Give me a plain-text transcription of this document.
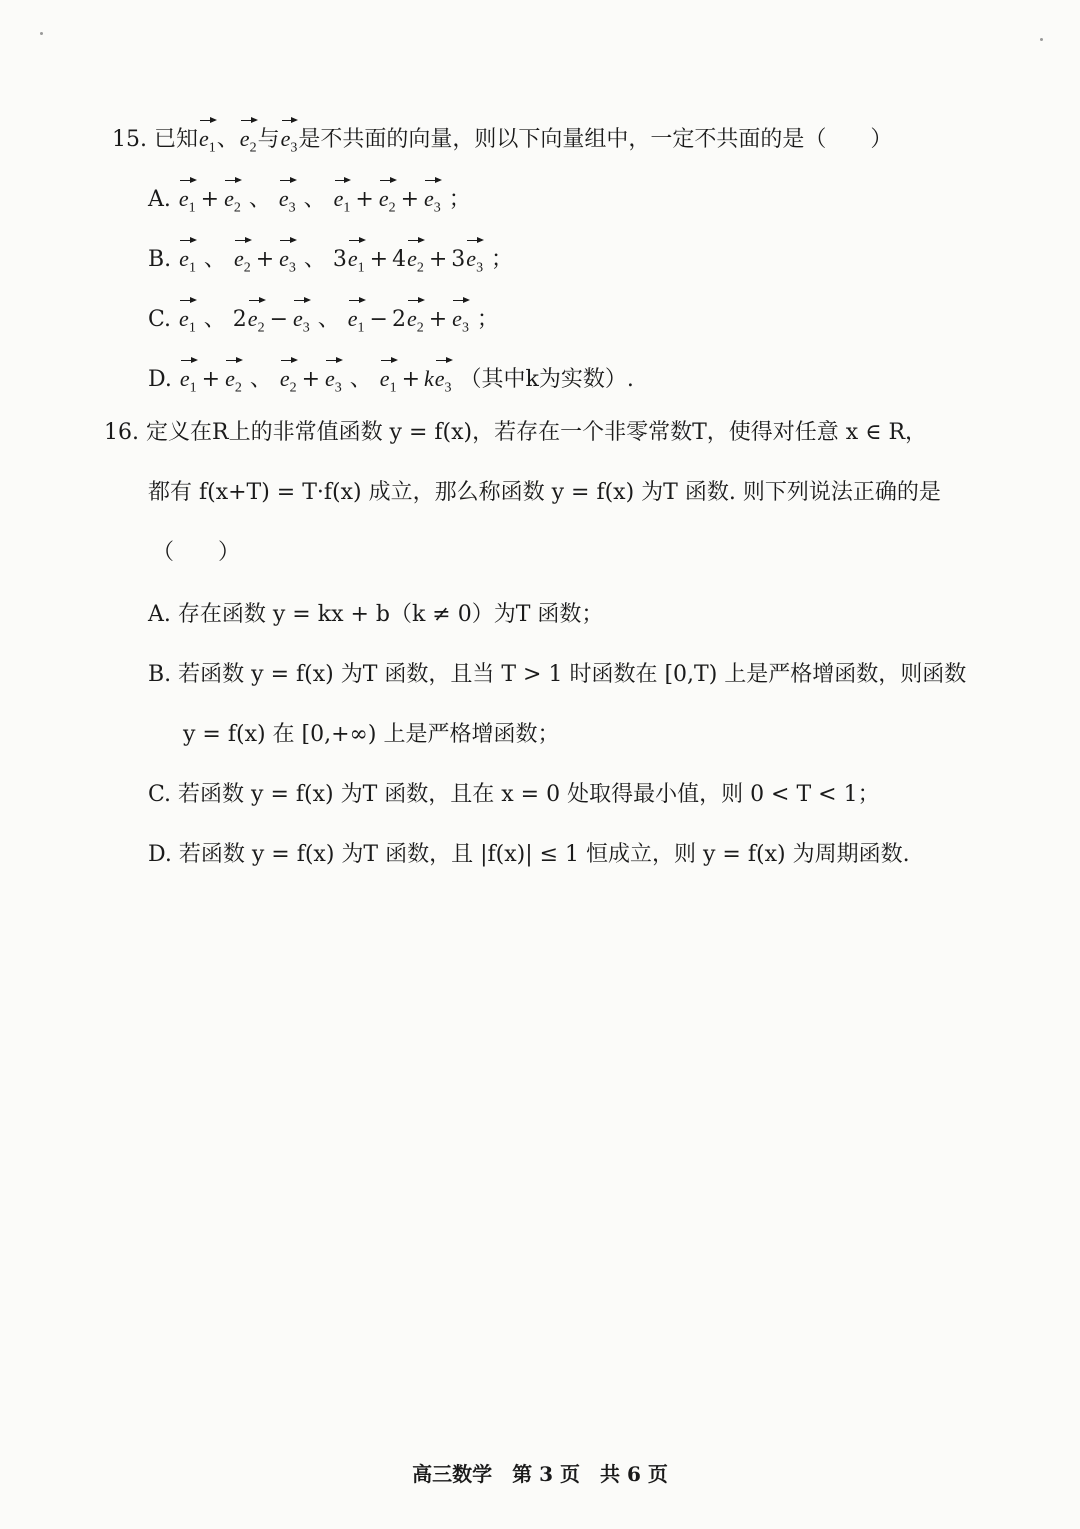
15. 已知$e_1$、$e_2$与$e_3$是不共面的向量，则以下向量组中，一定不共面的是（　　）
A. $e_1 + e_2$ 、 $e_3$ 、 $e_1 + e_2 + e_3$ ；
B. $e_1$ 、 $e_2 + e_3$ 、 $3e_1 + 4e_2 + 3e_3$ ；
C. $e_1$ 、 $2e_2 - e_3$ 、 $e_1 - 2e_2 + e_3$ ；
D. $e_1 + e_2$ 、 $e_2 + e_3$ 、 $e_1 + ke_3$ （其中k为实数）.
16. 定义在R上的非常值函数 y = f(x)，若存在一个非零常数T，使得对任意 x ∈ R，
都有 f(x+T) = T·f(x) 成立，那么称函数 y = f(x) 为T 函数. 则下列说法正确的是
（　　）
A. 存在函数 y = kx + b（k ≠ 0）为T 函数；
B. 若函数 y = f(x) 为T 函数，且当 T > 1 时函数在 [0,T) 上是严格增函数，则函数
y = f(x) 在 [0,+∞) 上是严格增函数；
C. 若函数 y = f(x) 为T 函数，且在 x = 0 处取得最小值，则 0 < T < 1；
D. 若函数 y = f(x) 为T 函数，且 |f(x)| ≤ 1 恒成立，则 y = f(x) 为周期函数.
高三数学　第 3 页　共 6 页
